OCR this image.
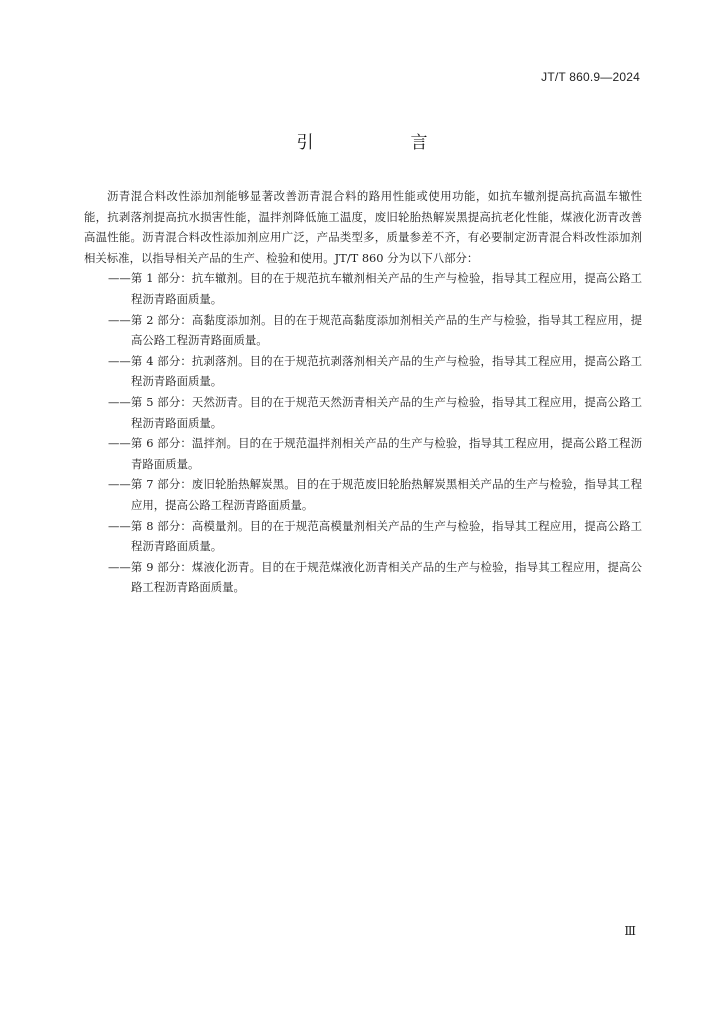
JT/T 860.9—2024
引　言

沥青混合料改性添加剂能够显著改善沥青混合料的路用性能或使用功能，如抗车辙剂提高抗高温车辙性能，抗剥落剂提高抗水损害性能，温拌剂降低施工温度，废旧轮胎热解炭黑提高抗老化性能，煤液化沥青改善高温性能。沥青混合料改性添加剂应用广泛，产品类型多，质量参差不齐，有必要制定沥青混合料改性添加剂相关标准，以指导相关产品的生产、检验和使用。JT/T 860 分为以下八部分：

——第 1 部分：抗车辙剂。目的在于规范抗车辙剂相关产品的生产与检验，指导其工程应用，提高公路工程沥青路面质量。
——第 2 部分：高黏度添加剂。目的在于规范高黏度添加剂相关产品的生产与检验，指导其工程应用，提高公路工程沥青路面质量。
——第 4 部分：抗剥落剂。目的在于规范抗剥落剂相关产品的生产与检验，指导其工程应用，提高公路工程沥青路面质量。
——第 5 部分：天然沥青。目的在于规范天然沥青相关产品的生产与检验，指导其工程应用，提高公路工程沥青路面质量。
——第 6 部分：温拌剂。目的在于规范温拌剂相关产品的生产与检验，指导其工程应用，提高公路工程沥青路面质量。
——第 7 部分：废旧轮胎热解炭黑。目的在于规范废旧轮胎热解炭黑相关产品的生产与检验，指导其工程应用，提高公路工程沥青路面质量。
——第 8 部分：高模量剂。目的在于规范高模量剂相关产品的生产与检验，指导其工程应用，提高公路工程沥青路面质量。
——第 9 部分：煤液化沥青。目的在于规范煤液化沥青相关产品的生产与检验，指导其工程应用，提高公路工程沥青路面质量。
Ⅲ
